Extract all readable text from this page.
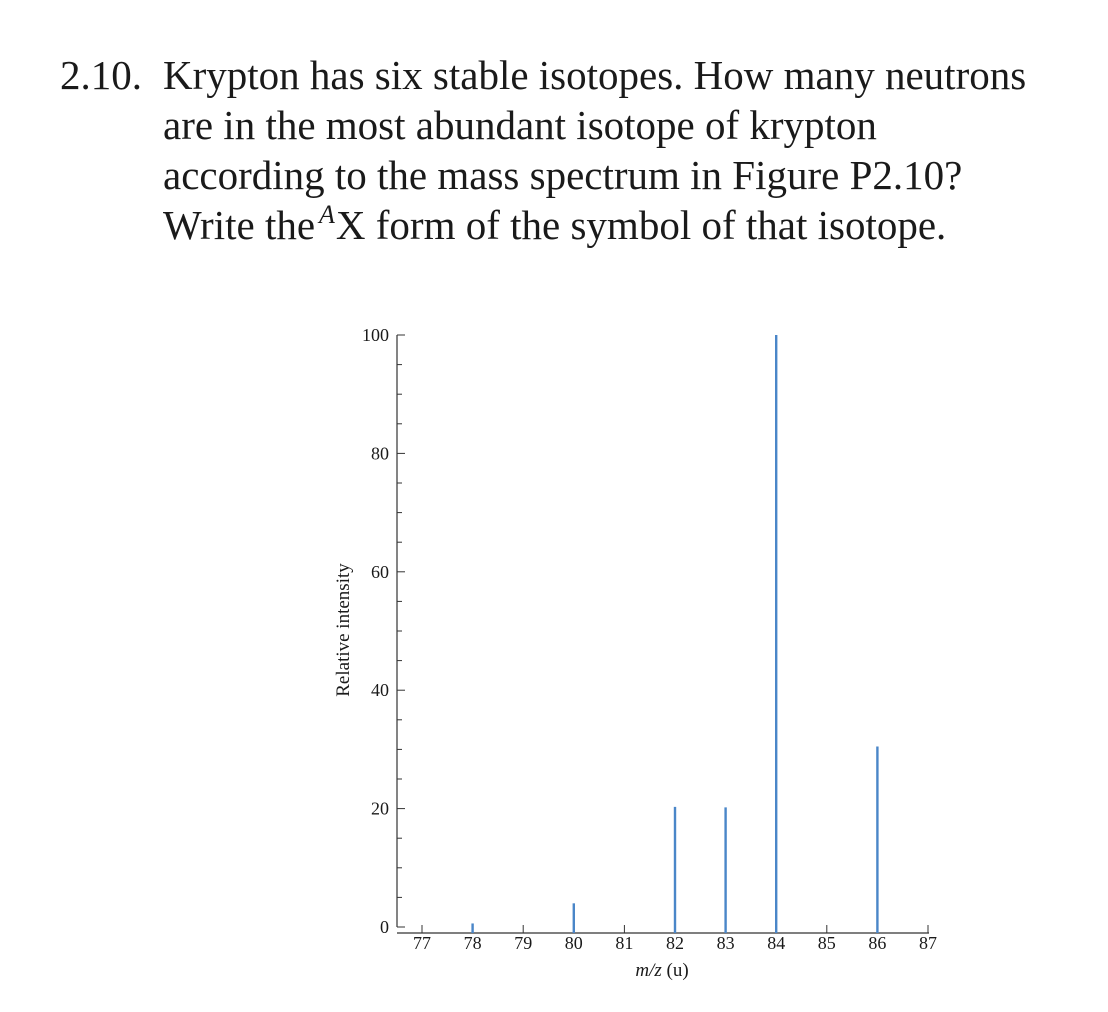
2.10. Krypton has six stable isotopes. How many neutrons
are in the most abundant isotope of krypton
according to the mass spectrum in Figure P2.10?
Write the $^A$X form of the symbol of that isotope.
0
20
40
60
80
100
77 78 79 80 81 82 83 84 85 86 87
Relative intensity
m/z (u)
